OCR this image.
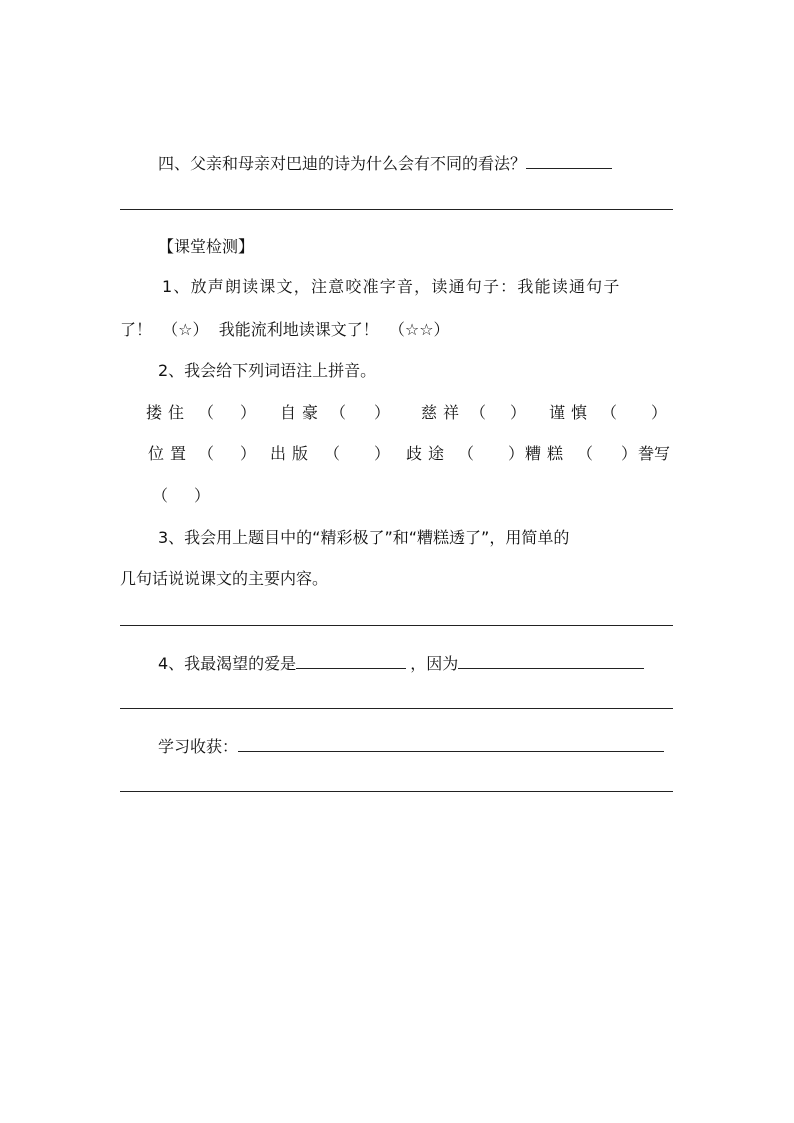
四、父亲和母亲对巴迪的诗为什么会有不同的看法？
【课堂检测】
1、放声朗读课文，注意咬准字音，读通句子：我能读通句子
了！  （☆）  我能流利地读课文了！  （☆☆）
2、我会给下列词语注上拼音。
搂住 （ ） 自豪 （ ） 慈祥 （ ） 谨慎 （ ）
位置 （ ） 出版 （ ） 歧途 （ ） 糟糕 （ ） 誊写
（ ）
3、我会用上题目中的“精彩极了”和“糟糕透了”，用简单的
几句话说说课文的主要内容。
4、我最渴望的爱是	，因为
学习收获：
